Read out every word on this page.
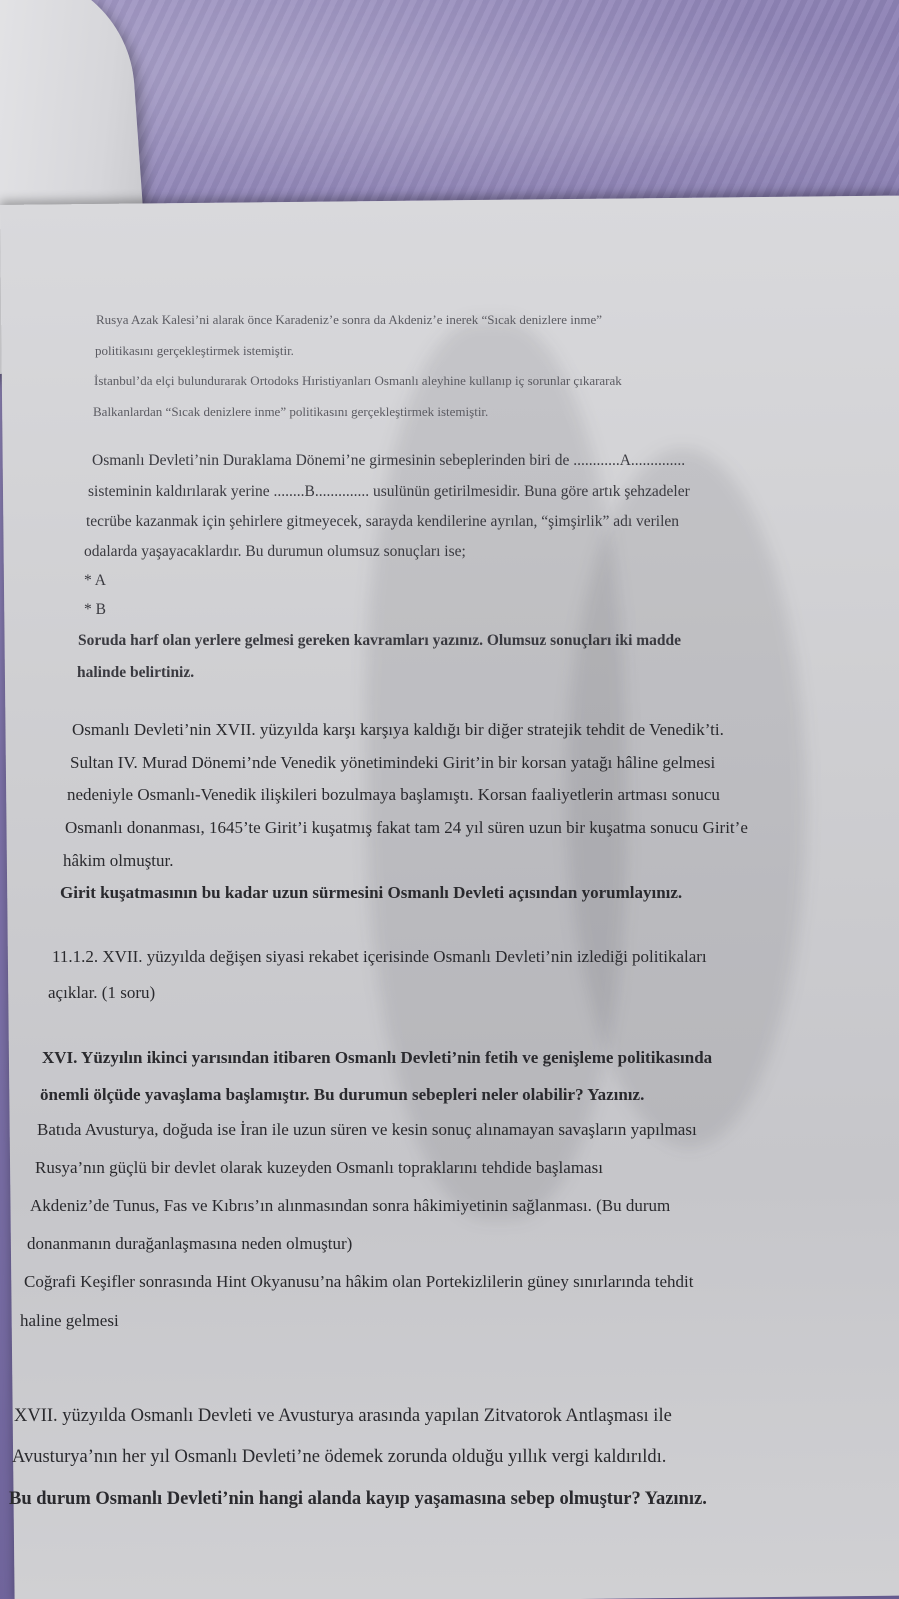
Rusya Azak Kalesi’ni alarak önce Karadeniz’e sonra da Akdeniz’e inerek “Sıcak denizlere inme”
politikasını gerçekleştirmek istemiştir.
İstanbul’da elçi bulundurarak Ortodoks Hıristiyanları Osmanlı aleyhine kullanıp iç sorunlar çıkararak
Balkanlardan “Sıcak denizlere inme” politikasını gerçekleştirmek istemiştir.
Osmanlı Devleti’nin Duraklama Dönemi’ne girmesinin sebeplerinden biri de ............A..............
sisteminin kaldırılarak yerine ........B.............. usulünün getirilmesidir. Buna göre artık şehzadeler
tecrübe kazanmak için şehirlere gitmeyecek, sarayda kendilerine ayrılan, “şimşirlik” adı verilen
odalarda yaşayacaklardır. Bu durumun olumsuz sonuçları ise;
* A
* B
Soruda harf olan yerlere gelmesi gereken kavramları yazınız. Olumsuz sonuçları iki madde
halinde belirtiniz.
Osmanlı Devleti’nin XVII. yüzyılda karşı karşıya kaldığı bir diğer stratejik tehdit de Venedik’ti.
Sultan IV. Murad Dönemi’nde Venedik yönetimindeki Girit’in bir korsan yatağı hâline gelmesi
nedeniyle Osmanlı-Venedik ilişkileri bozulmaya başlamıştı. Korsan faaliyetlerin artması sonucu
Osmanlı donanması, 1645’te Girit’i kuşatmış fakat tam 24 yıl süren uzun bir kuşatma sonucu Girit’e
hâkim olmuştur.
Girit kuşatmasının bu kadar uzun sürmesini Osmanlı Devleti açısından yorumlayınız.
11.1.2. XVII. yüzyılda değişen siyasi rekabet içerisinde Osmanlı Devleti’nin izlediği politikaları
açıklar. (1 soru)
XVI. Yüzyılın ikinci yarısından itibaren Osmanlı Devleti’nin fetih ve genişleme politikasında
önemli ölçüde yavaşlama başlamıştır. Bu durumun sebepleri neler olabilir? Yazınız.
Batıda Avusturya, doğuda ise İran ile uzun süren ve kesin sonuç alınamayan savaşların yapılması
Rusya’nın güçlü bir devlet olarak kuzeyden Osmanlı topraklarını tehdide başlaması
Akdeniz’de Tunus, Fas ve Kıbrıs’ın alınmasından sonra hâkimiyetinin sağlanması. (Bu durum
donanmanın durağanlaşmasına neden olmuştur)
Coğrafi Keşifler sonrasında Hint Okyanusu’na hâkim olan Portekizlilerin güney sınırlarında tehdit
haline gelmesi
XVII. yüzyılda Osmanlı Devleti ve Avusturya arasında yapılan Zitvatorok Antlaşması ile
Avusturya’nın her yıl Osmanlı Devleti’ne ödemek zorunda olduğu yıllık vergi kaldırıldı.
Bu durum Osmanlı Devleti’nin hangi alanda kayıp yaşamasına sebep olmuştur? Yazınız.
